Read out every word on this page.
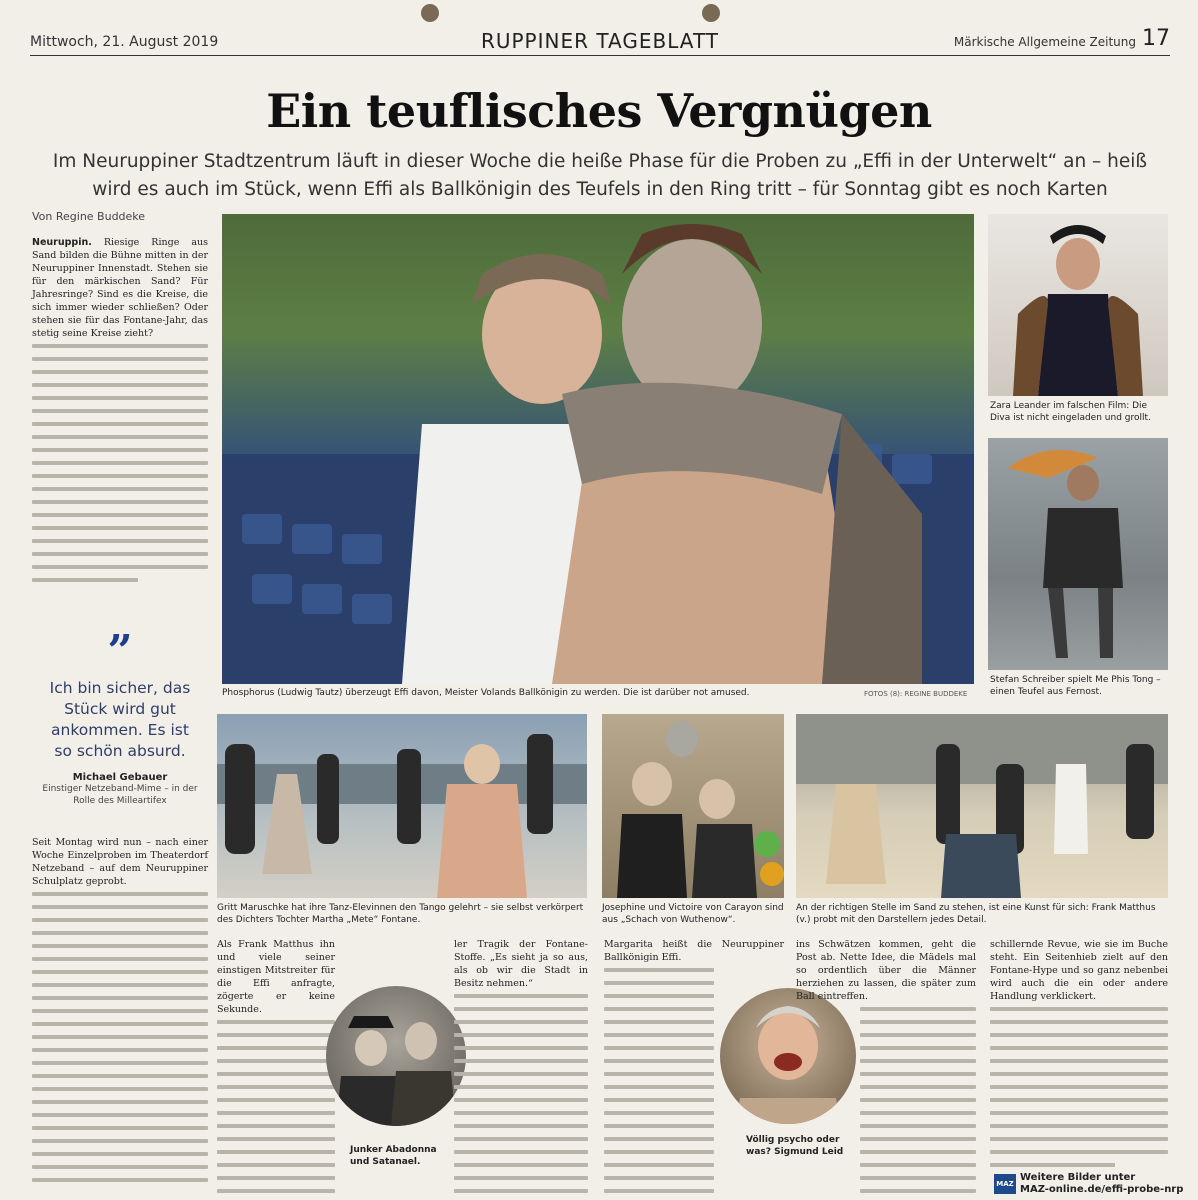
Mittwoch, 21. August 2019	RUPPINER TAGEBLATT	Märkische Allgemeine Zeitung 17
Ein teuflisches Vergnügen
Im Neuruppiner Stadtzentrum läuft in dieser Woche die heiße Phase für die Proben zu „Effi in der Unterwelt“ an – heiß wird es auch im Stück, wenn Effi als Ballkönigin des Teufels in den Ring tritt – für Sonntag gibt es noch Karten
Von Regine Buddeke
Neuruppin. Riesige Ringe aus Sand bilden die Bühne mitten in der Neuruppiner Innenstadt. Stehen sie für den märkischen Sand? Für Jahresringe? Sind es die Kreise, die sich immer wieder schließen? Oder stehen sie für das Fontane-Jahr, das stetig seine Kreise zieht?
”
Ich bin sicher, das Stück wird gut ankommen. Es ist so schön absurd.
Michael Gebauer
Einstiger Netzeband-Mime – in der Rolle des Milleartifex
Phosphorus (Ludwig Tautz) überzeugt Effi davon, Meister Volands Ballkönigin zu werden. Die ist darüber not amused.	FOTOS (8): REGINE BUDDEKE
Zara Leander im falschen Film: Die Diva ist nicht eingeladen und grollt.
Stefan Schreiber spielt Me Phis Tong – einen Teufel aus Fernost.
Gritt Maruschke hat ihre Tanz-Elevinnen den Tango gelehrt – sie selbst verkörpert des Dichters Tochter Martha „Mete“ Fontane.
Josephine und Victoire von Carayon sind aus „Schach von Wuthenow“.
An der richtigen Stelle im Sand zu stehen, ist eine Kunst für sich: Frank Matthus (v.) probt mit den Darstellern jedes Detail.
Seit Montag wird nun – nach einer Woche Einzelproben im Theaterdorf Netzeband – auf dem Neuruppiner Schulplatz geprobt.
Als Frank Matthus ihn und viele seiner einstigen Mitstreiter für die Effi anfragte, zögerte er keine Sekunde.
Junker Abadonna und Satanael.
ler Tragik der Fontane-Stoffe. „Es sieht ja so aus, als ob wir die Stadt in Besitz nehmen.“
Margarita heißt die Neuruppiner Ballkönigin Effi.
Völlig psycho oder was? Sigmund Leid
ins Schwätzen kommen, geht die Post ab. Nette Idee, die Mädels mal so ordentlich über die Männer herziehen zu lassen, die später zum Ball eintreffen.
schillernde Revue, wie sie im Buche steht. Ein Seitenhieb zielt auf den Fontane-Hype und so ganz nebenbei wird auch die ein oder andere Handlung verklickert.
MAZWeitere Bilder unter
MAZ-online.de/effi-probe-nrp
